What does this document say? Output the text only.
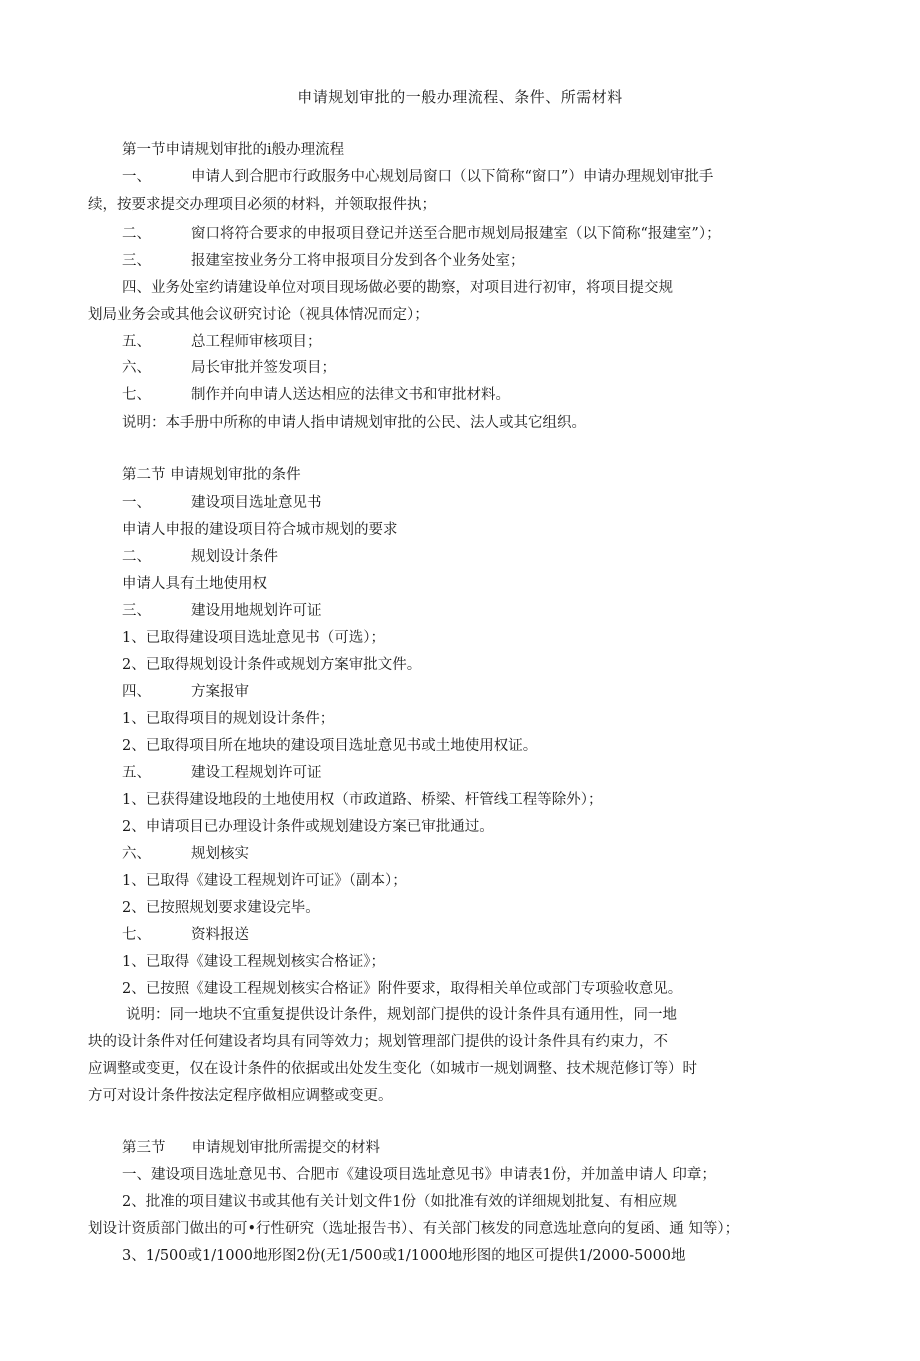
申请规划审批的一般办理流程、条件、所需材料
第一节申请规划审批的i般办理流程
一、	申请人到合肥市行政服务中心规划局窗口（以下简称“窗口”）申请办理规划审批手
续，按要求提交办理项目必须的材料，并领取报件执；
二、	窗口将符合要求的申报项目登记并送至合肥市规划局报建室（以下简称“报建室”）；
三、	报建室按业务分工将申报项目分发到各个业务处室；
四、业务处室约请建设单位对项目现场做必要的勘察，对项目进行初审，将项目提交规
划局业务会或其他会议研究讨论（视具体情况而定）；
五、	总工程师审核项目；
六、	局长审批并签发项目；
七、	制作并向申请人送达相应的法律文书和审批材料。
说明：本手册中所称的申请人指申请规划审批的公民、法人或其它组织。
第二节 申请规划审批的条件
一、	建设项目选址意见书
申请人申报的建设项目符合城市规划的要求
二、	规划设计条件
申请人具有土地使用权
三、	建设用地规划许可证
1、已取得建设项目选址意见书（可选）；
2、已取得规划设计条件或规划方案审批文件。
四、	方案报审
1、已取得项目的规划设计条件；
2、已取得项目所在地块的建设项目选址意见书或土地使用权证。
五、	建设工程规划许可证
1、已获得建设地段的土地使用权（市政道路、桥梁、杆管线工程等除外）；
2、申请项目已办理设计条件或规划建设方案已审批通过。
六、	规划核实
1、已取得《建设工程规划许可证》（副本）；
2、已按照规划要求建设完毕。
七、	资料报送
1、已取得《建设工程规划核实合格证》；
2、已按照《建设工程规划核实合格证》附件要求，取得相关单位或部门专项验收意见。
说明：同一地块不宜重复提供设计条件，规划部门提供的设计条件具有通用性，同一地
块的设计条件对任何建设者均具有同等效力；规划管理部门提供的设计条件具有约束力，不
应调整或变更，仅在设计条件的依据或出处发生变化（如城市一规划调整、技术规范修订等）时
方可对设计条件按法定程序做相应调整或变更。
第三节 申请规划审批所需提交的材料
一、建设项目选址意见书、合肥市《建设项目选址意见书》申请表1份，并加盖申请人 印章；
2、批准的项目建议书或其他有关计划文件1份（如批准有效的详细规划批复、有相应规
划设计资质部门做出的可•行性研究（选址报告书）、有关部门核发的同意选址意向的复函、通 知等）；
3、1/500或1/1000地形图2份(无1/500或1/1000地形图的地区可提供1/2000-5000地
